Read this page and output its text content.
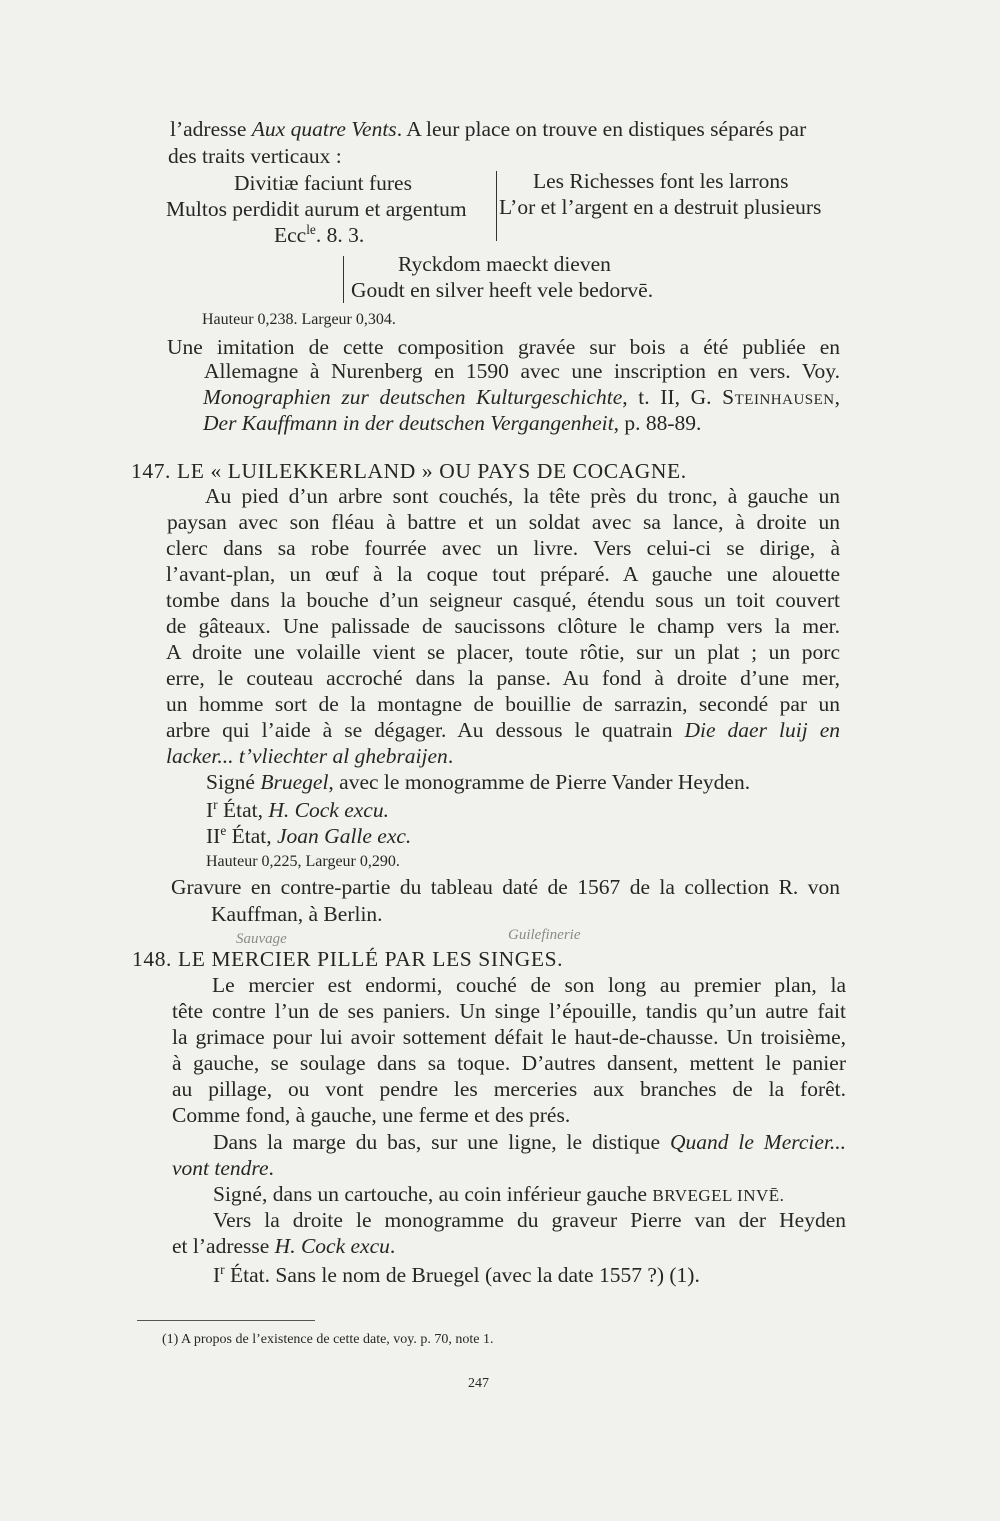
l’adresse Aux quatre Vents. A leur place on trouve en distiques séparés par
des traits verticaux :
Divitiæ faciunt fures
Multos perdidit aurum et argentum
Ecc$^{le}$. 8. 3.
Les Richesses font les larrons
L’or et l’argent en a destruit plusieurs
Ryckdom maeckt dieven
Goudt en silver heeft vele bedorvē.
Hauteur 0,238. Largeur 0,304.
Une imitation de cette composition gravée sur bois a été publiée en
Allemagne à Nurenberg en 1590 avec une inscription en vers. Voy.
Monographien zur deutschen Kulturgeschichte, t. II, G. Steinhausen,
Der Kauffmann in der deutschen Vergangenheit, p. 88-89.
147. LE « LUILEKKERLAND » OU PAYS DE COCAGNE.
Au pied d’un arbre sont couchés, la tête près du tronc, à gauche un
paysan avec son fléau à battre et un soldat avec sa lance, à droite un
clerc dans sa robe fourrée avec un livre. Vers celui-ci se dirige, à
l’avant-plan, un œuf à la coque tout préparé. A gauche une alouette
tombe dans la bouche d’un seigneur casqué, étendu sous un toit couvert
de gâteaux. Une palissade de saucissons clôture le champ vers la mer.
A droite une volaille vient se placer, toute rôtie, sur un plat ; un porc
erre, le couteau accroché dans la panse. Au fond à droite d’une mer,
un homme sort de la montagne de bouillie de sarrazin, secondé par un
arbre qui l’aide à se dégager. Au dessous le quatrain Die daer luij en
lacker... t’vliechter al ghebraijen.
Signé Bruegel, avec le monogramme de Pierre Vander Heyden.
$I^r$ État, H. Cock excu.
IIe État, Joan Galle exc.
Hauteur 0,225, Largeur 0,290.
Gravure en contre-partie du tableau daté de 1567 de la collection R. von
Kauffman, à Berlin.
Sauvage	Guilefinerie
148. LE MERCIER PILLÉ PAR LES SINGES.
Le mercier est endormi, couché de son long au premier plan, la
tête contre l’un de ses paniers. Un singe l’épouille, tandis qu’un autre fait
la grimace pour lui avoir sottement défait le haut-de-chausse. Un troisième,
à gauche, se soulage dans sa toque. D’autres dansent, mettent le panier
au pillage, ou vont pendre les merceries aux branches de la forêt.
Comme fond, à gauche, une ferme et des prés.
Dans la marge du bas, sur une ligne, le distique Quand le Mercier...
vont tendre.
Signé, dans un cartouche, au coin inférieur gauche BRVEGEL INVĒ.
Vers la droite le monogramme du graveur Pierre van der Heyden
et l’adresse H. Cock excu.
$I^r$ État. Sans le nom de Bruegel (avec la date 1557 ?) (1).
(1) A propos de l’existence de cette date, voy. p. 70, note 1.
247
